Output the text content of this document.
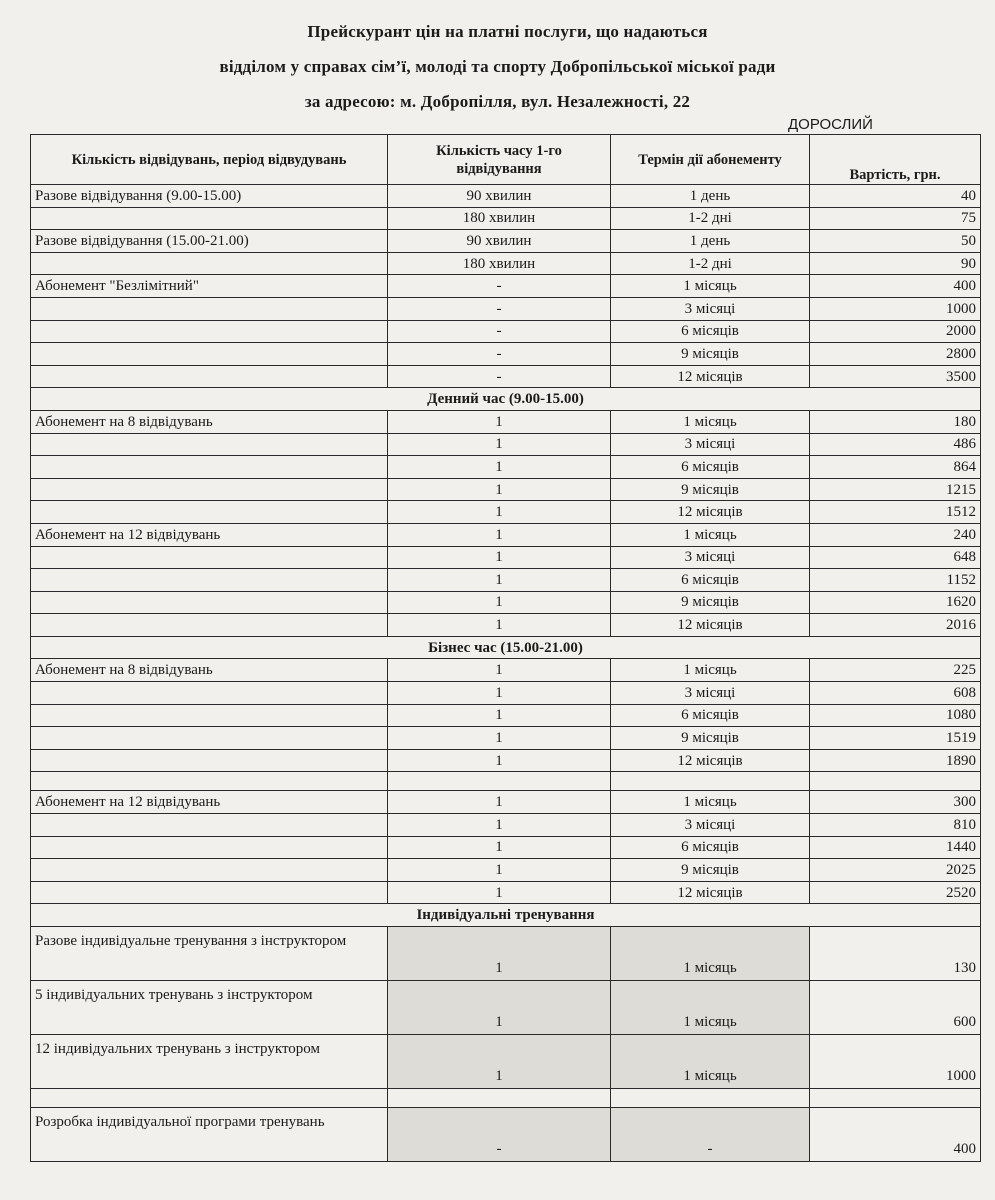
Прейскурант цін на платні послуги, що надаються
відділом у справах сім’ї, молоді та спорту Добропільської міської ради
за адресою: м. Добропілля, вул. Незалежності, 22
ДОРОСЛИЙ
Кількість відвідувань, період відвудувань	Кількість часу 1-го відвідування	Термін дії абонементу	Вартість, грн.
Разове відвідування (9.00-15.00)	90 хвилин	1 день	40
	180 хвилин	1-2 дні	75
Разове відвідування (15.00-21.00)	90 хвилин	1 день	50
	180 хвилин	1-2 дні	90
Абонемент "Безлімітний"	-	1 місяць	400
	-	3 місяці	1000
	-	6 місяців	2000
	-	9 місяців	2800
	-	12 місяців	3500
Денний час (9.00-15.00)			
Абонемент на 8 відвідувань	1	1 місяць	180
	1	3 місяці	486
	1	6 місяців	864
	1	9 місяців	1215
	1	12 місяців	1512
Абонемент на 12 відвідувань	1	1 місяць	240
	1	3 місяці	648
	1	6 місяців	1152
	1	9 місяців	1620
	1	12 місяців	2016
Бізнес час (15.00-21.00)			
Абонемент на 8 відвідувань	1	1 місяць	225
	1	3 місяці	608
	1	6 місяців	1080
	1	9 місяців	1519
	1	12 місяців	1890

Абонемент на 12 відвідувань	1	1 місяць	300
	1	3 місяці	810
	1	6 місяців	1440
	1	9 місяців	2025
	1	12 місяців	2520
Індивідуальні тренування			
Разове індивідуальне тренування з інструктором	1	1 місяць	130
5 індивідуальних тренувань з інструктором	1	1 місяць	600
12 індивідуальних тренувань з інструктором	1	1 місяць	1000

Розробка індивідуальної програми тренувань	-	-	400
